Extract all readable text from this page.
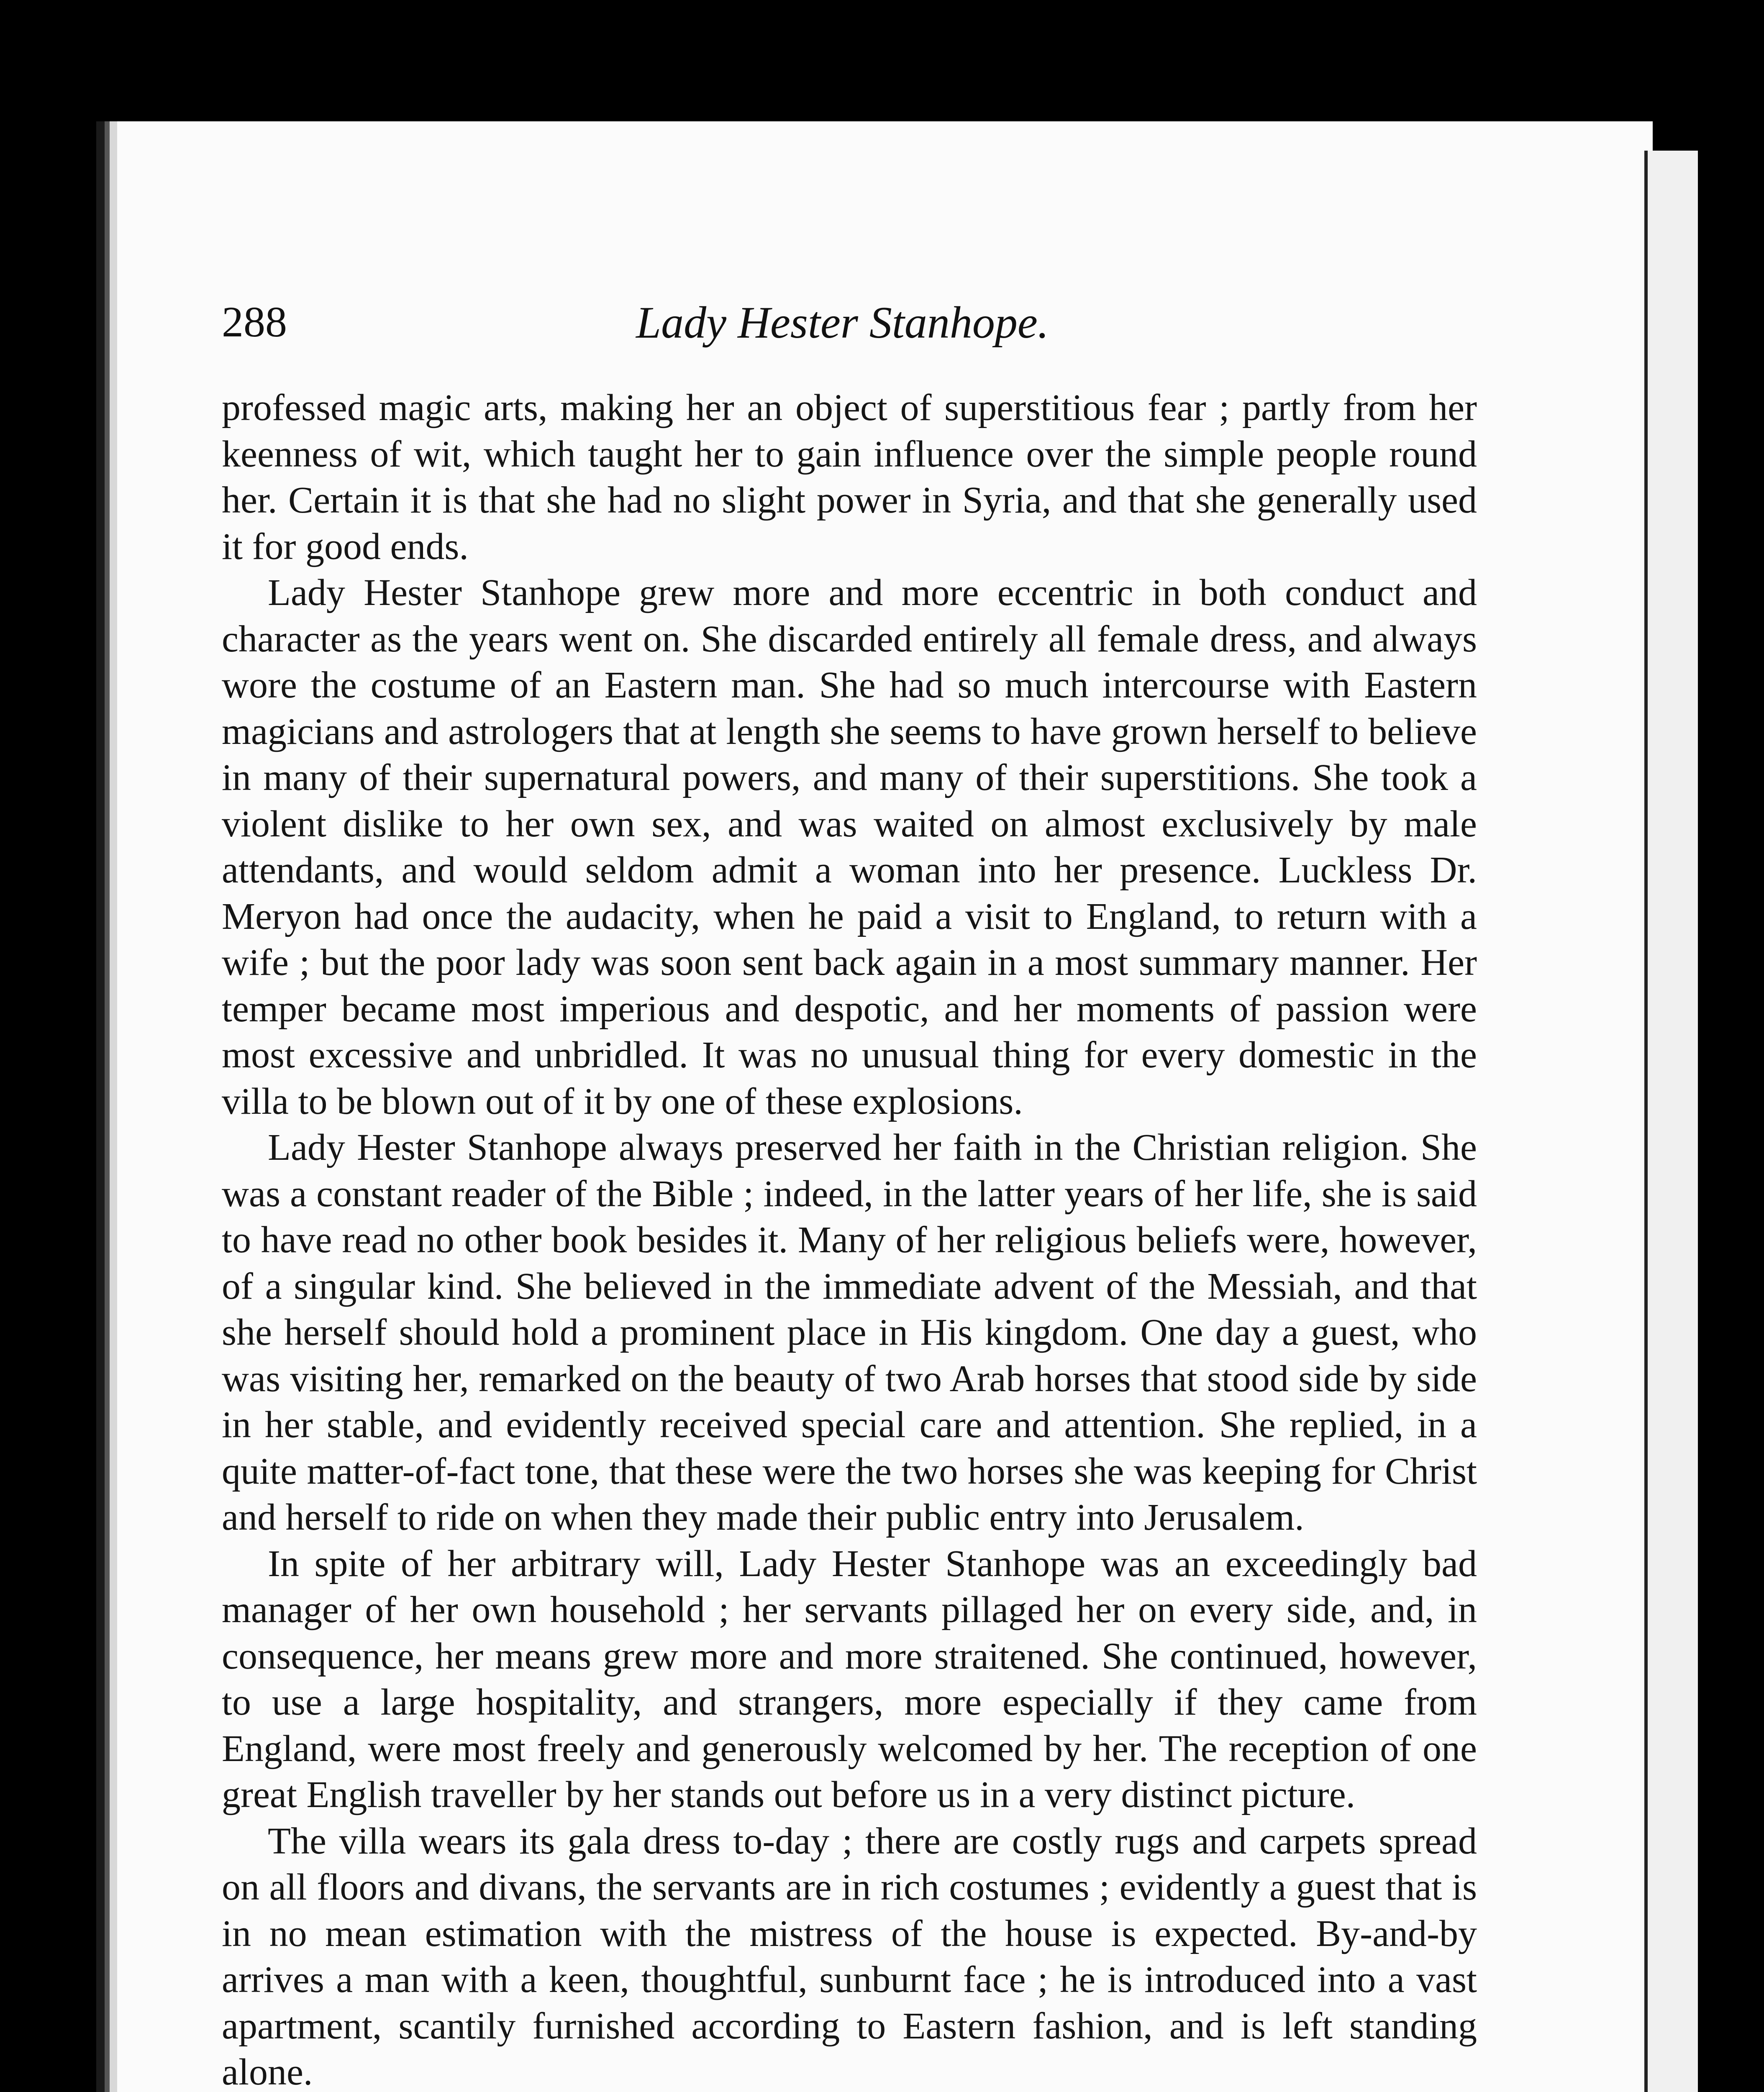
288	Lady Hester Stanhope.

professed magic arts, making her an object of superstitious fear ; partly from her keenness of wit, which taught her to gain influence over the simple people round her. Certain it is that she had no slight power in Syria, and that she generally used it for good ends.

Lady Hester Stanhope grew more and more eccentric in both conduct and character as the years went on. She discarded entirely all female dress, and always wore the costume of an Eastern man. She had so much intercourse with Eastern magicians and astrologers that at length she seems to have grown herself to believe in many of their supernatural powers, and many of their superstitions. She took a violent dislike to her own sex, and was waited on almost exclusively by male attendants, and would seldom admit a woman into her presence. Luckless Dr. Meryon had once the audacity, when he paid a visit to England, to return with a wife ; but the poor lady was soon sent back again in a most summary manner. Her temper became most imperious and despotic, and her moments of passion were most excessive and unbridled. It was no unusual thing for every domestic in the villa to be blown out of it by one of these explosions.

Lady Hester Stanhope always preserved her faith in the Christian religion. She was a constant reader of the Bible ; indeed, in the latter years of her life, she is said to have read no other book besides it. Many of her religious beliefs were, however, of a singular kind. She believed in the immediate advent of the Messiah, and that she herself should hold a prominent place in His kingdom. One day a guest, who was visiting her, remarked on the beauty of two Arab horses that stood side by side in her stable, and evidently received special care and attention. She replied, in a quite matter-of-fact tone, that these were the two horses she was keeping for Christ and herself to ride on when they made their public entry into Jerusalem.

In spite of her arbitrary will, Lady Hester Stanhope was an exceedingly bad manager of her own household ; her servants pillaged her on every side, and, in consequence, her means grew more and more straitened. She continued, however, to use a large hospitality, and strangers, more especially if they came from England, were most freely and generously welcomed by her. The reception of one great English traveller by her stands out before us in a very distinct picture.

The villa wears its gala dress to-day ; there are costly rugs and carpets spread on all floors and divans, the servants are in rich costumes ; evidently a guest that is in no mean estimation with the mistress of the house is expected. By-and-by arrives a man with a keen, thoughtful, sunburnt face ; he is introduced into a vast apartment, scantily furnished according to Eastern fashion, and is left standing alone.
